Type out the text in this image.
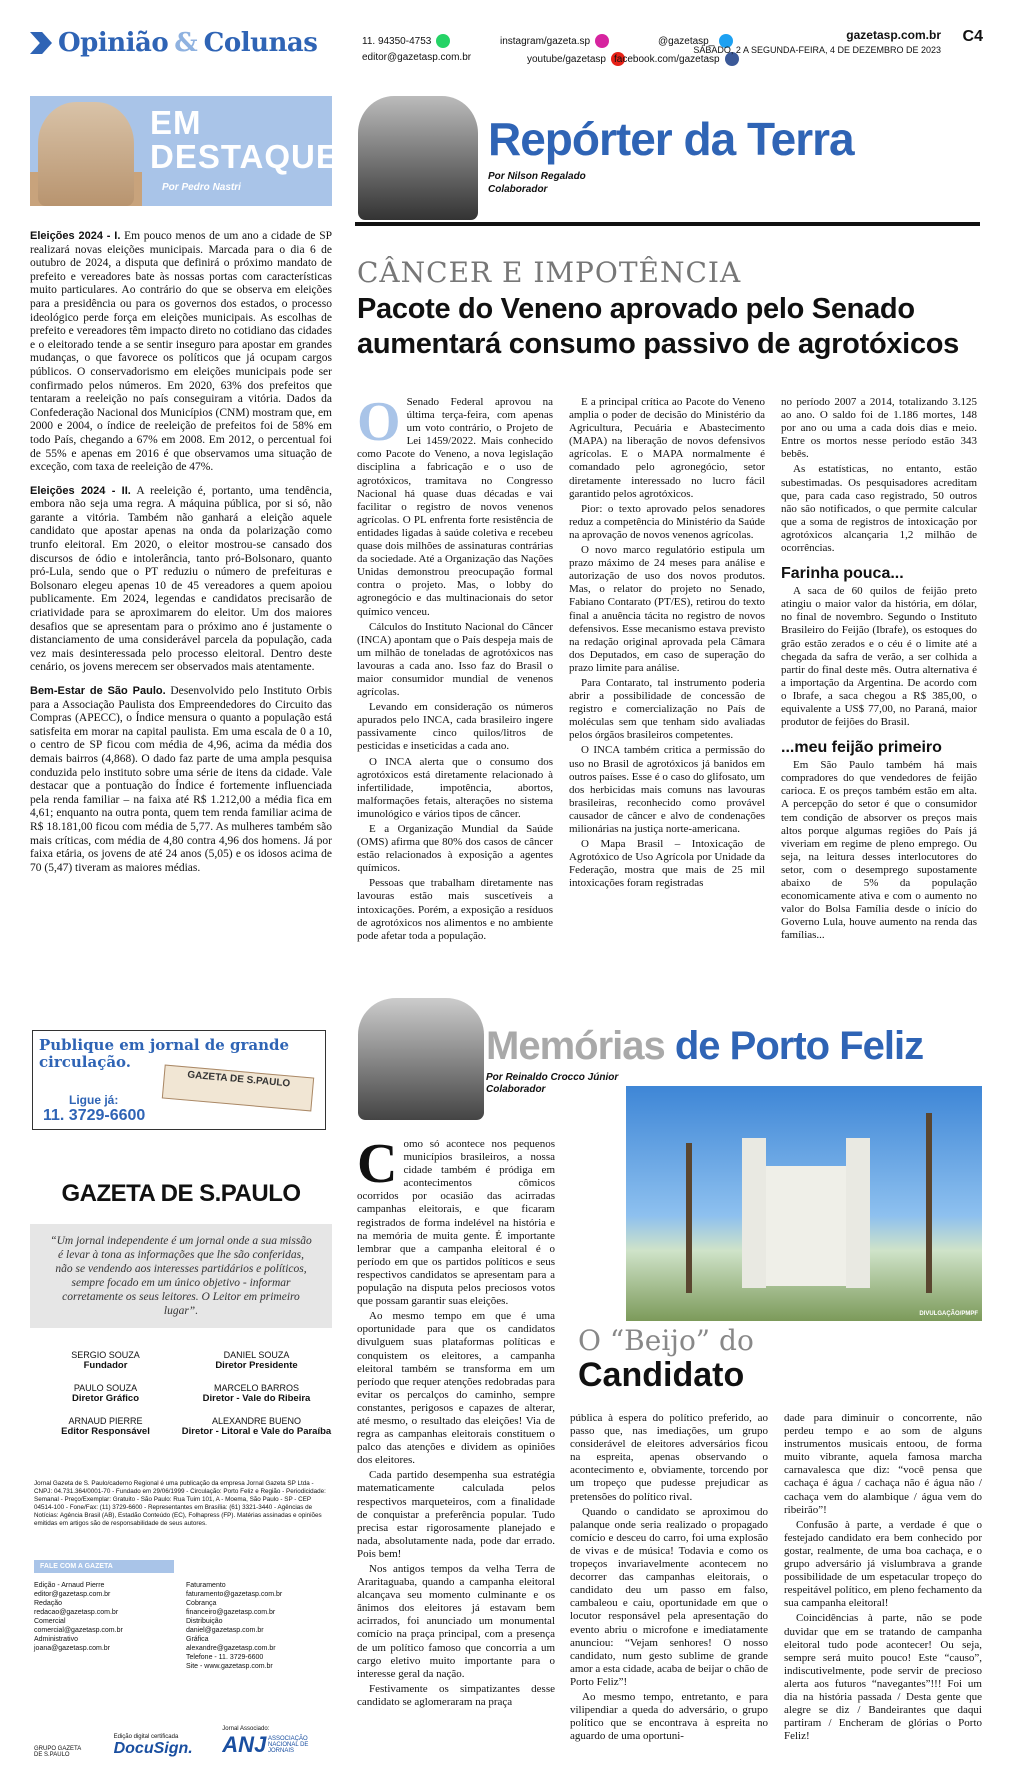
Opinião & Colunas	11. 94350-4753
editor@gazetasp.com.br
instagram/gazeta.sp
youtube/gazetasp
@gazetasp_
facebook.com/gazetasp
gazetasp.com.br
SÁBADO, 2 A SEGUNDA-FEIRA, 4 DE DEZEMBRO DE 2023
C4
EM
DESTAQUE
Por Pedro Nastri

Eleições 2024 - I. Em pouco menos de um ano a cidade de SP realizará novas eleições municipais. Marcada para o dia 6 de outubro de 2024, a disputa que definirá o próximo mandato de prefeito e vereadores bate às nossas portas com características muito particulares. Ao contrário do que se observa em eleições para a presidência ou para os governos dos estados, o processo ideológico perde força em eleições municipais. As escolhas de prefeito e vereadores têm impacto direto no cotidiano das cidades e o eleitorado tende a se sentir inseguro para apostar em grandes mudanças, o que favorece os políticos que já ocupam cargos públicos. O conservadorismo em eleições municipais pode ser confirmado pelos números. Em 2020, 63% dos prefeitos que tentaram a reeleição no país conseguiram a vitória. Dados da Confederação Nacional dos Municípios (CNM) mostram que, em 2000 e 2004, o índice de reeleição de prefeitos foi de 58% em todo País, chegando a 67% em 2008. Em 2012, o percentual foi de 55% e apenas em 2016 é que observamos uma situação de exceção, com taxa de reeleição de 47%.

Eleições 2024 - II. A reeleição é, portanto, uma tendência, embora não seja uma regra. A máquina pública, por si só, não garante a vitória. Também não ganhará a eleição aquele candidato que apostar apenas na onda da polarização como trunfo eleitoral. Em 2020, o eleitor mostrou-se cansado dos discursos de ódio e intolerância, tanto pró-Bolsonaro, quanto pró-Lula, sendo que o PT reduziu o número de prefeituras e Bolsonaro elegeu apenas 10 de 45 vereadores a quem apoiou publicamente. Em 2024, legendas e candidatos precisarão de criatividade para se aproximarem do eleitor. Um dos maiores desafios que se apresentam para o próximo ano é justamente o distanciamento de uma considerável parcela da população, cada vez mais desinteressada pelo processo eleitoral. Dentro deste cenário, os jovens merecem ser observados mais atentamente.

Bem-Estar de São Paulo. Desenvolvido pelo Instituto Orbis para a Associação Paulista dos Empreendedores do Circuito das Compras (APECC), o Índice mensura o quanto a população está satisfeita em morar na capital paulista. Em uma escala de 0 a 10, o centro de SP ficou com média de 4,96, acima da média dos demais bairros (4,868). O dado faz parte de uma ampla pesquisa conduzida pelo instituto sobre uma série de itens da cidade. Vale destacar que a pontuação do Índice é fortemente influenciada pela renda familiar – na faixa até R$ 1.212,00 a média fica em 4,61; enquanto na outra ponta, quem tem renda familiar acima de R$ 18.181,00 ficou com média de 5,77. As mulheres também são mais críticas, com média de 4,80 contra 4,96 dos homens. Já por faixa etária, os jovens de até 24 anos (5,05) e os idosos acima de 70 (5,47) tiveram as maiores médias.

Publique em jornal de grande circulação.
GAZETA DE S.PAULO
Ligue já:
11. 3729-6600
GAZETA DE S.PAULO
“Um jornal independente é um jornal onde a sua missão é levar à tona as informações que lhe são conferidas, não se vendendo aos interesses partidários e políticos, sempre focado em um único objetivo - informar corretamente os seus leitores. O Leitor em primeiro lugar”.
SERGIO SOUZA
Fundador
DANIEL SOUZA
Diretor Presidente
PAULO SOUZA
Diretor Gráfico
MARCELO BARROS
Diretor - Vale do Ribeira
ARNAUD PIERRE
Editor Responsável
ALEXANDRE BUENO
Diretor - Litoral e Vale do Paraíba
Jornal Gazeta de S. Paulo/caderno Regional é uma publicação da empresa Jornal Gazeta SP Ltda - CNPJ: 04.731.364/0001-70 - Fundado em 29/06/1999 - Circulação: Porto Feliz e Região - Periodicidade: Semanal - Preço/Exemplar: Gratuito - São Paulo: Rua Tuim 101, A - Moema, São Paulo - SP - CEP 04514-100 - Fone/Fax: (11) 3729-6600 - Representantes em Brasília: (61) 3321-3440 - Agências de Notícias: Agência Brasil (AB), Estadão Conteúdo (EC), Folhapress (FP). Matérias assinadas e opiniões emitidas em artigos são de responsabilidade de seus autores.
FALE COM A GAZETA
Edição - Arnaud Pierre
editor@gazetasp.com.br
Redação
redacao@gazetasp.com.br
Comercial
comercial@gazetasp.com.br
Administrativo
joana@gazetasp.com.br
Faturamento
faturamento@gazetasp.com.br
Cobrança
financeiro@gazetasp.com.br
Distribuição
daniel@gazetasp.com.br
Gráfica
alexandre@gazetasp.com.br
Telefone - 11. 3729-6600
Site - www.gazetasp.com.br
GRUPO GAZETA DE S.PAULO
Edição digital certificada
DocuSign.
Jornal Associado:
ANJ ASSOCIAÇÃO NACIONAL DE JORNAIS
Repórter da Terra
Por Nilson Regalado
Colaborador
CÂNCER E IMPOTÊNCIA
Pacote do Veneno aprovado pelo Senado aumentará consumo passivo de agrotóxicos

O Senado Federal aprovou na última terça-feira, com apenas um voto contrário, o Projeto de Lei 1459/2022. Mais conhecido como Pacote do Veneno, a nova legislação disciplina a fabricação e o uso de agrotóxicos, tramitava no Congresso Nacional há quase duas décadas e vai facilitar o registro de novos venenos agrícolas. O PL enfrenta forte resistência de entidades ligadas à saúde coletiva e recebeu quase dois milhões de assinaturas contrárias da sociedade. Até a Organização das Nações Unidas demonstrou preocupação formal contra o projeto. Mas, o lobby do agronegócio e das multinacionais do setor químico venceu.

Cálculos do Instituto Nacional do Câncer (INCA) apontam que o País despeja mais de um milhão de toneladas de agrotóxicos nas lavouras a cada ano. Isso faz do Brasil o maior consumidor mundial de venenos agrícolas.

Levando em consideração os números apurados pelo INCA, cada brasileiro ingere passivamente cinco quilos/litros de pesticidas e inseticidas a cada ano.

O INCA alerta que o consumo dos agrotóxicos está diretamente relacionado à infertilidade, impotência, abortos, malformações fetais, alterações no sistema imunológico e vários tipos de câncer.

E a Organização Mundial da Saúde (OMS) afirma que 80% dos casos de câncer estão relacionados à exposição a agentes químicos.

Pessoas que trabalham diretamente nas lavouras estão mais suscetíveis a intoxicações. Porém, a exposição a resíduos de agrotóxicos nos alimentos e no ambiente pode afetar toda a população.

E a principal crítica ao Pacote do Veneno amplia o poder de decisão do Ministério da Agricultura, Pecuária e Abastecimento (MAPA) na liberação de novos defensivos agrícolas. E o MAPA normalmente é comandado pelo agronegócio, setor diretamente interessado no lucro fácil garantido pelos agrotóxicos.

Pior: o texto aprovado pelos senadores reduz a competência do Ministério da Saúde na aprovação de novos venenos agrícolas.

O novo marco regulatório estipula um prazo máximo de 24 meses para análise e autorização de uso dos novos produtos. Mas, o relator do projeto no Senado, Fabiano Contarato (PT/ES), retirou do texto final a anuência tácita no registro de novos defensivos. Esse mecanismo estava previsto na redação original aprovada pela Câmara dos Deputados, em caso de superação do prazo limite para análise.

Para Contarato, tal instrumento poderia abrir a possibilidade de concessão de registro e comercialização no País de moléculas sem que tenham sido avaliadas pelos órgãos brasileiros competentes.

O INCA também critica a permissão do uso no Brasil de agrotóxicos já banidos em outros países. Esse é o caso do glifosato, um dos herbicidas mais comuns nas lavouras brasileiras, reconhecido como provável causador de câncer e alvo de condenações milionárias na justiça norte-americana.

O Mapa Brasil – Intoxicação de Agrotóxico de Uso Agrícola por Unidade da Federação, mostra que mais de 25 mil intoxicações foram registradas

no período 2007 a 2014, totalizando 3.125 ao ano. O saldo foi de 1.186 mortes, 148 por ano ou uma a cada dois dias e meio. Entre os mortos nesse período estão 343 bebês.

As estatísticas, no entanto, estão subestimadas. Os pesquisadores acreditam que, para cada caso registrado, 50 outros não são notificados, o que permite calcular que a soma de registros de intoxicação por agrotóxicos alcançaria 1,2 milhão de ocorrências.

Farinha pouca...

A saca de 60 quilos de feijão preto atingiu o maior valor da história, em dólar, no final de novembro. Segundo o Instituto Brasileiro do Feijão (Ibrafe), os estoques do grão estão zerados e o céu é o limite até a chegada da safra de verão, a ser colhida a partir do final deste mês. Outra alternativa é a importação da Argentina. De acordo com o Ibrafe, a saca chegou a R$ 385,00, o equivalente a US$ 77,00, no Paraná, maior produtor de feijões do Brasil.

...meu feijão primeiro

Em São Paulo também há mais compradores do que vendedores de feijão carioca. E os preços também estão em alta. A percepção do setor é que o consumidor tem condição de absorver os preços mais altos porque algumas regiões do País já viveriam em regime de pleno emprego. Ou seja, na leitura desses interlocutores do setor, com o desemprego supostamente abaixo de 5% da população economicamente ativa e com o aumento no valor do Bolsa Família desde o início do Governo Lula, houve aumento na renda das famílias...

Memórias de Porto Feliz
Por Reinaldo Crocco Júnior
Colaborador
DIVULGAÇÃO/PMPF
O “Beijo” do
Candidato

Como só acontece nos pequenos municípios brasileiros, a nossa cidade também é pródiga em acontecimentos cômicos ocorridos por ocasião das acirradas campanhas eleitorais, e que ficaram registrados de forma indelével na história e na memória de muita gente. É importante lembrar que a campanha eleitoral é o período em que os partidos políticos e seus respectivos candidatos se apresentam para a população na disputa pelos preciosos votos que possam garantir suas eleições.

Ao mesmo tempo em que é uma oportunidade para que os candidatos divulguem suas plataformas políticas e conquistem os eleitores, a campanha eleitoral também se transforma em um período que requer atenções redobradas para evitar os percalços do caminho, sempre constantes, perigosos e capazes de alterar, até mesmo, o resultado das eleições! Via de regra as campanhas eleitorais constituem o palco das atenções e dividem as opiniões dos eleitores.

Cada partido desempenha sua estratégia matematicamente calculada pelos respectivos marqueteiros, com a finalidade de conquistar a preferência popular. Tudo precisa estar rigorosamente planejado e nada, absolutamente nada, pode dar errado. Pois bem!

Nos antigos tempos da velha Terra de Araritaguaba, quando a campanha eleitoral alcançava seu momento culminante e os ânimos dos eleitores já estavam bem acirrados, foi anunciado um monumental comício na praça principal, com a presença de um político famoso que concorria a um cargo eletivo muito importante para o interesse geral da nação.

Festivamente os simpatizantes desse candidato se aglomeraram na praça

pública à espera do político preferido, ao passo que, nas imediações, um grupo considerável de eleitores adversários ficou na espreita, apenas observando o acontecimento e, obviamente, torcendo por um tropeço que pudesse prejudicar as pretensões do político rival.

Quando o candidato se aproximou do palanque onde seria realizado o propagado comício e desceu do carro, foi uma explosão de vivas e de música! Todavia e como os tropeços invariavelmente acontecem no decorrer das campanhas eleitorais, o candidato deu um passo em falso, cambaleou e caiu, oportunidade em que o locutor responsável pela apresentação do evento abriu o microfone e imediatamente anunciou: “Vejam senhores! O nosso candidato, num gesto sublime de grande amor a esta cidade, acaba de beijar o chão de Porto Feliz”!

Ao mesmo tempo, entretanto, e para vilipendiar a queda do adversário, o grupo político que se encontrava à espreita no aguardo de uma oportuni-

dade para diminuir o concorrente, não perdeu tempo e ao som de alguns instrumentos musicais entoou, de forma muito vibrante, aquela famosa marcha carnavalesca que diz: “você pensa que cachaça é água / cachaça não é água não / cachaça vem do alambique / água vem do ribeirão”!

Confusão à parte, a verdade é que o festejado candidato era bem conhecido por gostar, realmente, de uma boa cachaça, e o grupo adversário já vislumbrava a grande possibilidade de um espetacular tropeço do respeitável político, em pleno fechamento da sua campanha eleitoral!

Coincidências à parte, não se pode duvidar que em se tratando de campanha eleitoral tudo pode acontecer! Ou seja, sempre será muito pouco! Este “causo”, indiscutivelmente, pode servir de precioso alerta aos futuros “navegantes”!!! Foi um dia na história passada / Desta gente que alegre se diz / Bandeirantes que daqui partiram / Encheram de glórias o Porto Feliz!
